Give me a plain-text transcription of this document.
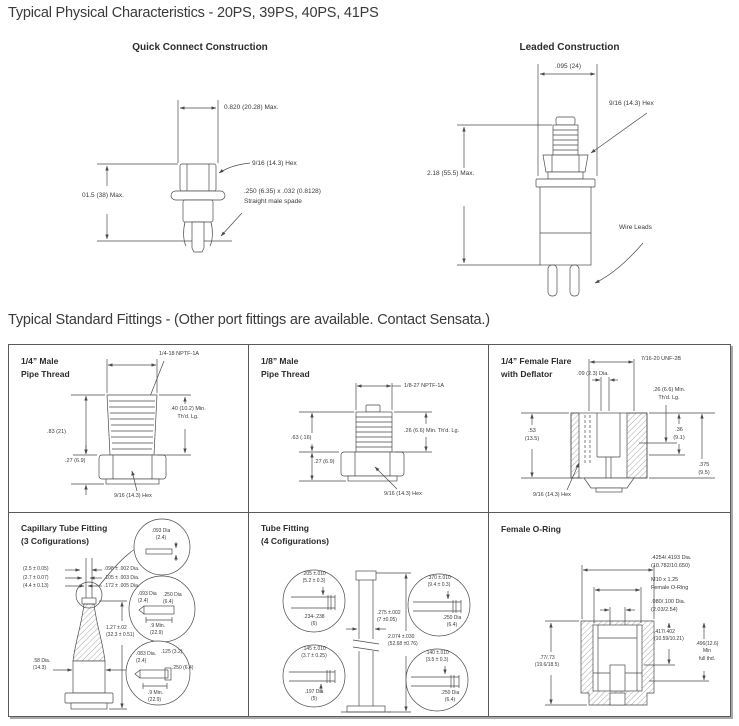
Typical Physical Characteristics - 20PS, 39PS, 40PS, 41PS
Quick Connect Construction
0.820 (20.28) Max.
9/16 (14.3) Hex
01.5 (38) Max.
.250 (6.35) x .032 (0.8128)
Straight male spade
Leaded Construction
.095 (24)
9/16 (14.3) Hex
2.18 (55.5) Max.
Wire Leads
Typical Standard Fittings - (Other port fittings are available. Contact Sensata.)
1/4” Male
Pipe Thread
1/4-18 NPTF-1A
.40 (10.2) Min.
Th'd. Lg.
.83 (21)
.27 (6.9)
9/16 (14.3) Hex
1/8” Male
Pipe Thread
1/8-27 NPTF-1A
.26 (6.6) Min. Th'd. Lg.
.63 (.16)
.27 (6.9)
9/16 (14.3) Hex
1/4” Female Flare
with Deflator
7/16-20 UNF-2B
.09 (2.3) Dia.
.26 (6.6) Min.
Th'd. Lg.
.53
(13.5)
.36
(9.1)
.375
(9.5)
9/16 (14.3) Hex
Capillary Tube Fitting
(3 Cofigurations)
(2.5 ± 0.05)
(2.7 ± 0.07)
(4.4 ± 0.13)
.098 ± .002 Dia.
.105 ± .003 Dia.
.172 ± .005 Dia.
1.27 ±.02
(32.3 ± 0.51)
.58 Dia.
(14.3)
.093 Dia
(2.4)
.093 Dia
(2.4)
.250 Dia
(6.4)
.9 Min.
(22.9)
.083 Dia.
(2.4)
.125 (3.2)
.250 (6.4)
.9 Min.
(22.9)
Tube Fitting
(4 Cofigurations)
.275 ±.002
(7 ±0.05)
2.074 ±.030
(52.68 ±0.76)
.205 ±.010
(5.2 ± 0.3)
.234-.238
(6)
.370 ±.010
(9.4 ± 0.3)
.250 Dia
(6.4)
.145 ±.010
(3.7 ± 0.25)
.197 Dia
(5)
.140 ±.010
(3.5 ± 0.3)
.250 Dia
(6.4)
Female O-Ring
.4254/.4193 Dia.
(10.782/10.650)
M10 x 1.25
Female O-Ring
.080/.100 Dia.
(2.03/2.54)
.417/.402
(10.59/10.21)
.496(12.6)
Min
full thd.
.77/.73
(19.6/18.5)
